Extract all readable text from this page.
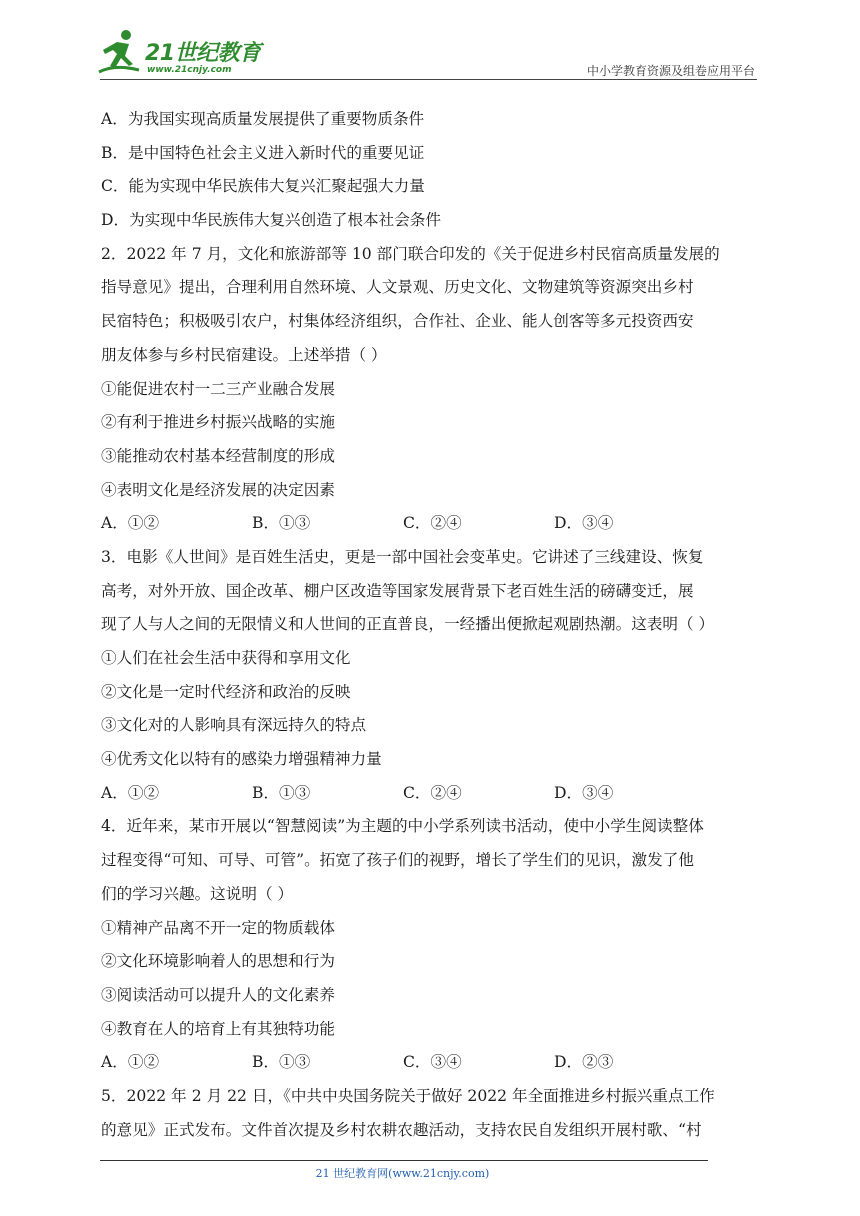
21世纪教育
www.21cnjy.com	中小学教育资源及组卷应用平台
A．为我国实现高质量发展提供了重要物质条件
B．是中国特色社会主义进入新时代的重要见证
C．能为实现中华民族伟大复兴汇聚起强大力量
D．为实现中华民族伟大复兴创造了根本社会条件
2．2022 年 7 月，文化和旅游部等 10 部门联合印发的《关于促进乡村民宿高质量发展的
指导意见》提出，合理利用自然环境、人文景观、历史文化、文物建筑等资源突出乡村
民宿特色；积极吸引农户，村集体经济组织，合作社、企业、能人创客等多元投资西安
朋友体参与乡村民宿建设。上述举措（ ）
①能促进农村一二三产业融合发展
②有利于推进乡村振兴战略的实施
③能推动农村基本经营制度的形成
④表明文化是经济发展的决定因素
A．①②	B．①③	C．②④	D．③④
3．电影《人世间》是百姓生活史，更是一部中国社会变革史。它讲述了三线建设、恢复
高考，对外开放、国企改革、棚户区改造等国家发展背景下老百姓生活的磅礴变迁，展
现了人与人之间的无限情义和人世间的正直普良，一经播出便掀起观剧热潮。这表明（ ）
①人们在社会生活中获得和享用文化
②文化是一定时代经济和政治的反映
③文化对的人影响具有深远持久的特点
④优秀文化以特有的感染力增强精神力量
A．①②	B．①③	C．②④	D．③④
4．近年来，某市开展以“智慧阅读”为主题的中小学系列读书活动，使中小学生阅读整体
过程变得“可知、可导、可管”。拓宽了孩子们的视野，增长了学生们的见识，激发了他
们的学习兴趣。这说明（ ）
①精神产品离不开一定的物质载体
②文化环境影响着人的思想和行为
③阅读活动可以提升人的文化素养
④教育在人的培育上有其独特功能
A．①②	B．①③	C．③④	D．②③
5．2022 年 2 月 22 日，《中共中央国务院关于做好 2022 年全面推进乡村振兴重点工作
的意见》正式发布。文件首次提及乡村农耕农趣活动，支持农民自发组织开展村歌、“村
21 世纪教育网(www.21cnjy.com)
